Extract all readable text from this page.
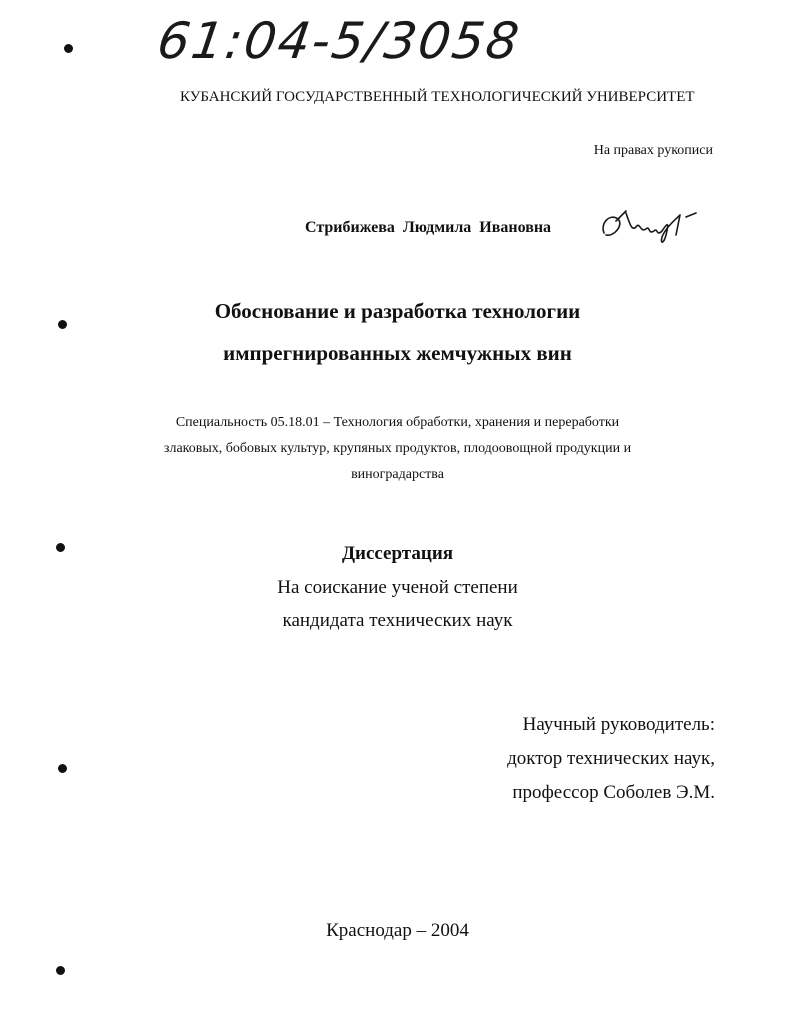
61:04-5/3058
КУБАНСКИЙ ГОСУДАРСТВЕННЫЙ ТЕХНОЛОГИЧЕСКИЙ УНИВЕРСИТЕТ
На правах рукописи
Стрибижева  Людмила  Ивановна
Обоснование и разработка технологии
импрегнированных жемчужных вин
Специальность 05.18.01 – Технология обработки, хранения и переработки
злаковых, бобовых культур, крупяных продуктов, плодоовощной продукции и
виноградарства
Диссертация
На соискание ученой степени
кандидата технических наук
Научный руководитель:
доктор технических наук,
профессор Соболев Э.М.
Краснодар – 2004
